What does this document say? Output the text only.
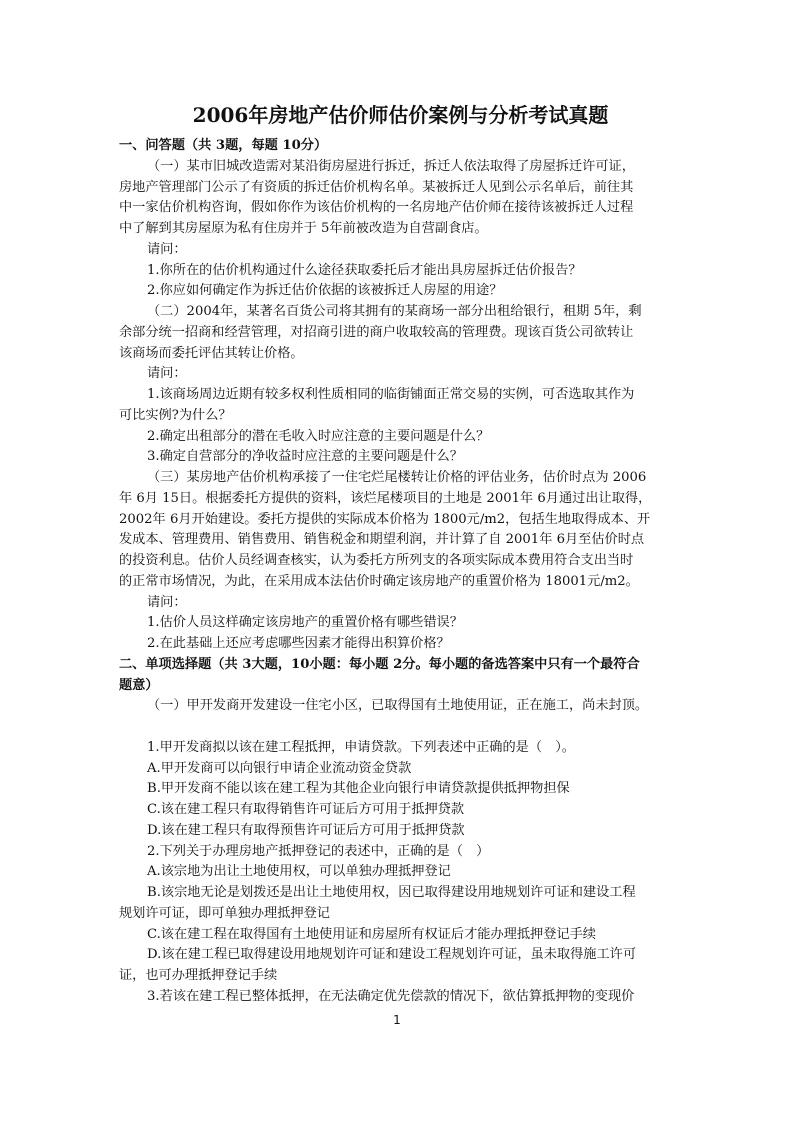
2006年房地产估价师估价案例与分析考试真题

一、问答题（共 3题，每题 10分）

（一）某市旧城改造需对某沿街房屋进行拆迁，拆迁人依法取得了房屋拆迁许可证，

房地产管理部门公示了有资质的拆迁估价机构名单。某被拆迁人见到公示名单后，前往其

中一家估价机构咨询，假如你作为该估价机构的一名房地产估价师在接待该被拆迁人过程

中了解到其房屋原为私有住房并于 5年前被改造为自营副食店。

请问：

1.你所在的估价机构通过什么途径获取委托后才能出具房屋拆迁估价报告？

2.你应如何确定作为拆迁估价依据的该被拆迁人房屋的用途？

（二）2004年，某著名百货公司将其拥有的某商场一部分出租给银行，租期 5年，剩

余部分统一招商和经营管理，对招商引进的商户收取较高的管理费。现该百货公司欲转让

该商场而委托评估其转让价格。

请问：

1.该商场周边近期有较多权利性质相同的临街铺面正常交易的实例，可否选取其作为

可比实例?为什么？

2.确定出租部分的潜在毛收入时应注意的主要问题是什么？

3.确定自营部分的净收益时应注意的主要问题是什么？

（三）某房地产估价机构承接了一住宅烂尾楼转让价格的评估业务，估价时点为 2006

年 6月 15日。根据委托方提供的资料，该烂尾楼项目的土地是 2001年 6月通过出让取得，

2002年 6月开始建设。委托方提供的实际成本价格为 1800元/m2，包括生地取得成本、开

发成本、管理费用、销售费用、销售税金和期望利润，并计算了自 2001年 6月至估价时点

的投资利息。估价人员经调查核实，认为委托方所列支的各项实际成本费用符合支出当时

的正常市场情况，为此，在采用成本法估价时确定该房地产的重置价格为 18001元/m2。

请问：

1.估价人员这样确定该房地产的重置价格有哪些错误？

2.在此基础上还应考虑哪些因素才能得出积算价格？

二、单项选择题（共 3大题，10小题：每小题 2分。每小题的备选答案中只有一个最符合

题意）

（一）甲开发商开发建设一住宅小区，已取得国有土地使用证，正在施工，尚未封顶。

1.甲开发商拟以该在建工程抵押，申请贷款。下列表述中正确的是（　）。

A.甲开发商可以向银行申请企业流动资金贷款

B.甲开发商不能以该在建工程为其他企业向银行申请贷款提供抵押物担保

C.该在建工程只有取得销售许可证后方可用于抵押贷款

D.该在建工程只有取得预售许可证后方可用于抵押贷款

2.下列关于办理房地产抵押登记的表述中，正确的是（　）

A.该宗地为出让土地使用权，可以单独办理抵押登记

B.该宗地无论是划拨还是出让土地使用权，因已取得建设用地规划许可证和建设工程

规划许可证，即可单独办理抵押登记

C.该在建工程在取得国有土地使用证和房屋所有权证后才能办理抵押登记手续

D.该在建工程已取得建设用地规划许可证和建设工程规划许可证，虽未取得施工许可

证，也可办理抵押登记手续

3.若该在建工程已整体抵押，在无法确定优先偿款的情况下，欲估算抵押物的变现价

1
